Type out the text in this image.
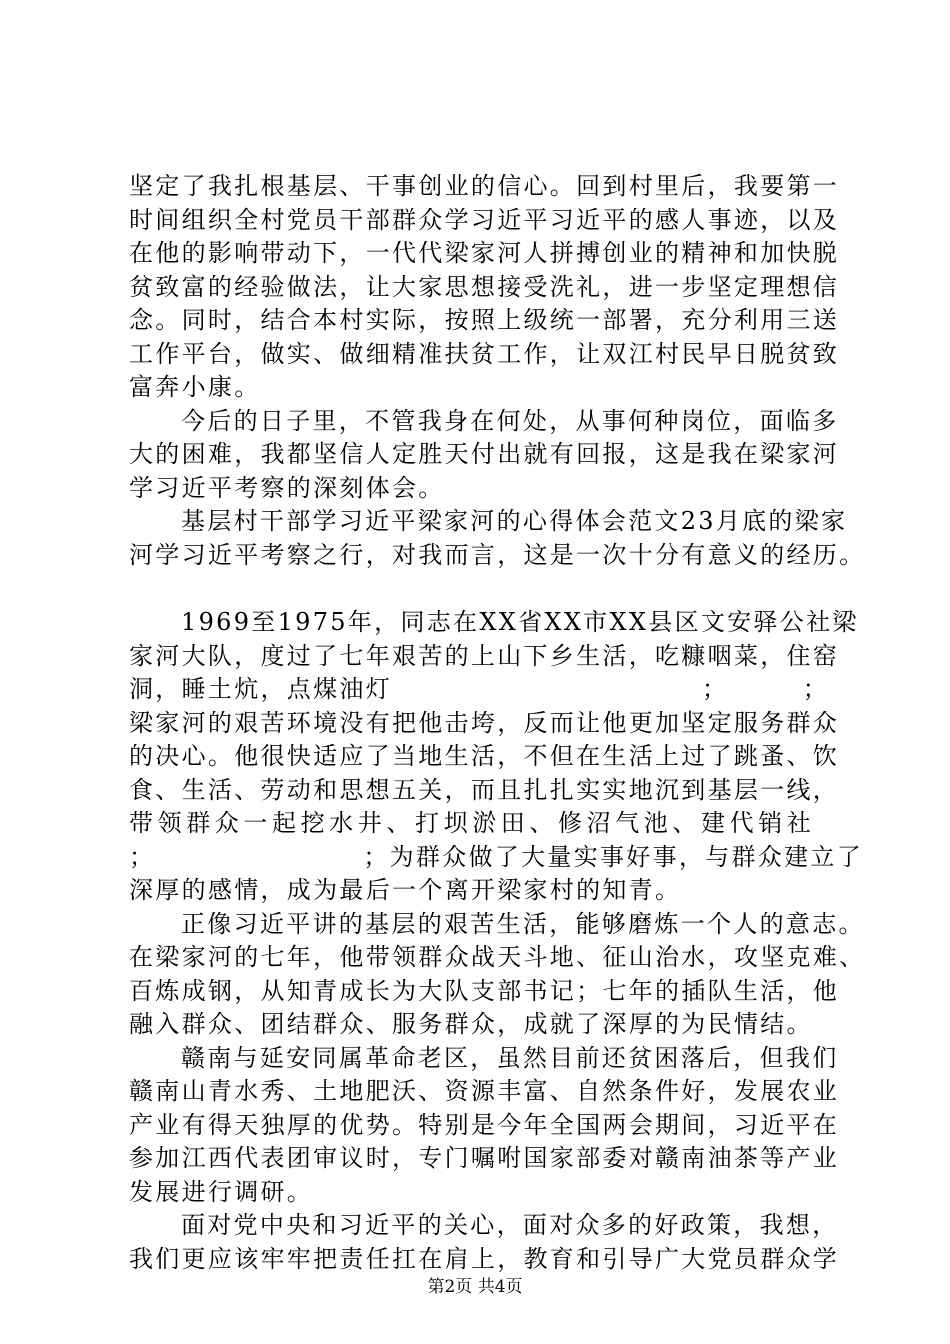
坚定了我扎根基层、干事创业的信心。回到村里后，我要第一
时间组织全村党员干部群众学习近平习近平的感人事迹，以及
在他的影响带动下，一代代梁家河人拼搏创业的精神和加快脱
贫致富的经验做法，让大家思想接受洗礼，进一步坚定理想信
念。同时，结合本村实际，按照上级统一部署，充分利用三送
工作平台，做实、做细精准扶贫工作，让双江村民早日脱贫致
富奔小康。
今后的日子里，不管我身在何处，从事何种岗位，面临多
大的困难，我都坚信人定胜天付出就有回报，这是我在梁家河
学习近平考察的深刻体会。
基层村干部学习近平梁家河的心得体会范文23月底的梁家
河学习近平考察之行，对我而言，这是一次十分有意义的经历。
1969至1975年，同志在XX省XX市XX县区文安驿公社梁
家河大队，度过了七年艰苦的上山下乡生活，吃糠咽菜，住窑
洞，睡土炕，点煤油灯	；	；
梁家河的艰苦环境没有把他击垮，反而让他更加坚定服务群众
的决心。他很快适应了当地生活，不但在生活上过了跳蚤、饮
食、生活、劳动和思想五关，而且扎扎实实地沉到基层一线，
带领群众一起挖水井、打坝淤田、修沼气池、建代销社
；	；为群众做了大量实事好事，与群众建立了
深厚的感情，成为最后一个离开梁家村的知青。
正像习近平讲的基层的艰苦生活，能够磨炼一个人的意志。
在梁家河的七年，他带领群众战天斗地、征山治水，攻坚克难、
百炼成钢，从知青成长为大队支部书记；七年的插队生活，他
融入群众、团结群众、服务群众，成就了深厚的为民情结。
赣南与延安同属革命老区，虽然目前还贫困落后，但我们
赣南山青水秀、土地肥沃、资源丰富、自然条件好，发展农业
产业有得天独厚的优势。特别是今年全国两会期间，习近平在
参加江西代表团审议时，专门嘱咐国家部委对赣南油茶等产业
发展进行调研。
面对党中央和习近平的关心，面对众多的好政策，我想，
我们更应该牢牢把责任扛在肩上，教育和引导广大党员群众学
第2页 共4页
